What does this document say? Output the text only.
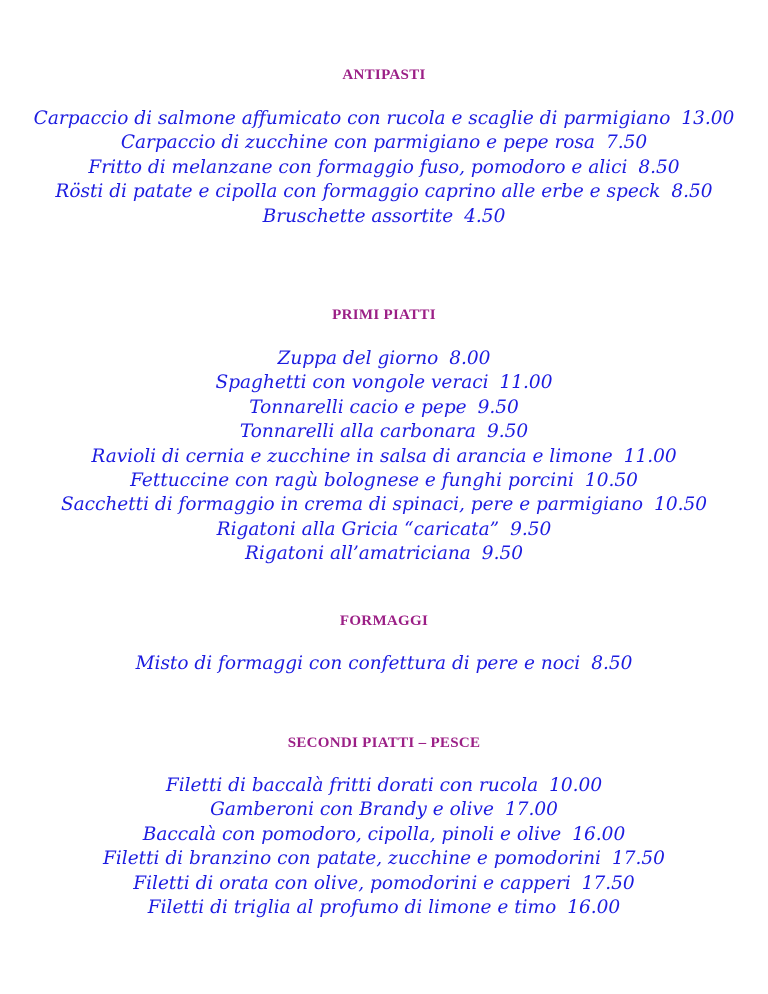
ANTIPASTI
Carpaccio di salmone affumicato con rucola e scaglie di parmigiano 13.00
Carpaccio di zucchine con parmigiano e pepe rosa 7.50
Fritto di melanzane con formaggio fuso, pomodoro e alici 8.50
Rösti di patate e cipolla con formaggio caprino alle erbe e speck 8.50
Bruschette assortite 4.50
PRIMI PIATTI
Zuppa del giorno 8.00
Spaghetti con vongole veraci 11.00
Tonnarelli cacio e pepe 9.50
Tonnarelli alla carbonara 9.50
Ravioli di cernia e zucchine in salsa di arancia e limone 11.00
Fettuccine con ragù bolognese e funghi porcini 10.50
Sacchetti di formaggio in crema di spinaci, pere e parmigiano 10.50
Rigatoni alla Gricia “caricata” 9.50
Rigatoni all’amatriciana 9.50
FORMAGGI
Misto di formaggi con confettura di pere e noci 8.50
SECONDI PIATTI – PESCE
Filetti di baccalà fritti dorati con rucola 10.00
Gamberoni con Brandy e olive 17.00
Baccalà con pomodoro, cipolla, pinoli e olive 16.00
Filetti di branzino con patate, zucchine e pomodorini 17.50
Filetti di orata con olive, pomodorini e capperi 17.50
Filetti di triglia al profumo di limone e timo 16.00
